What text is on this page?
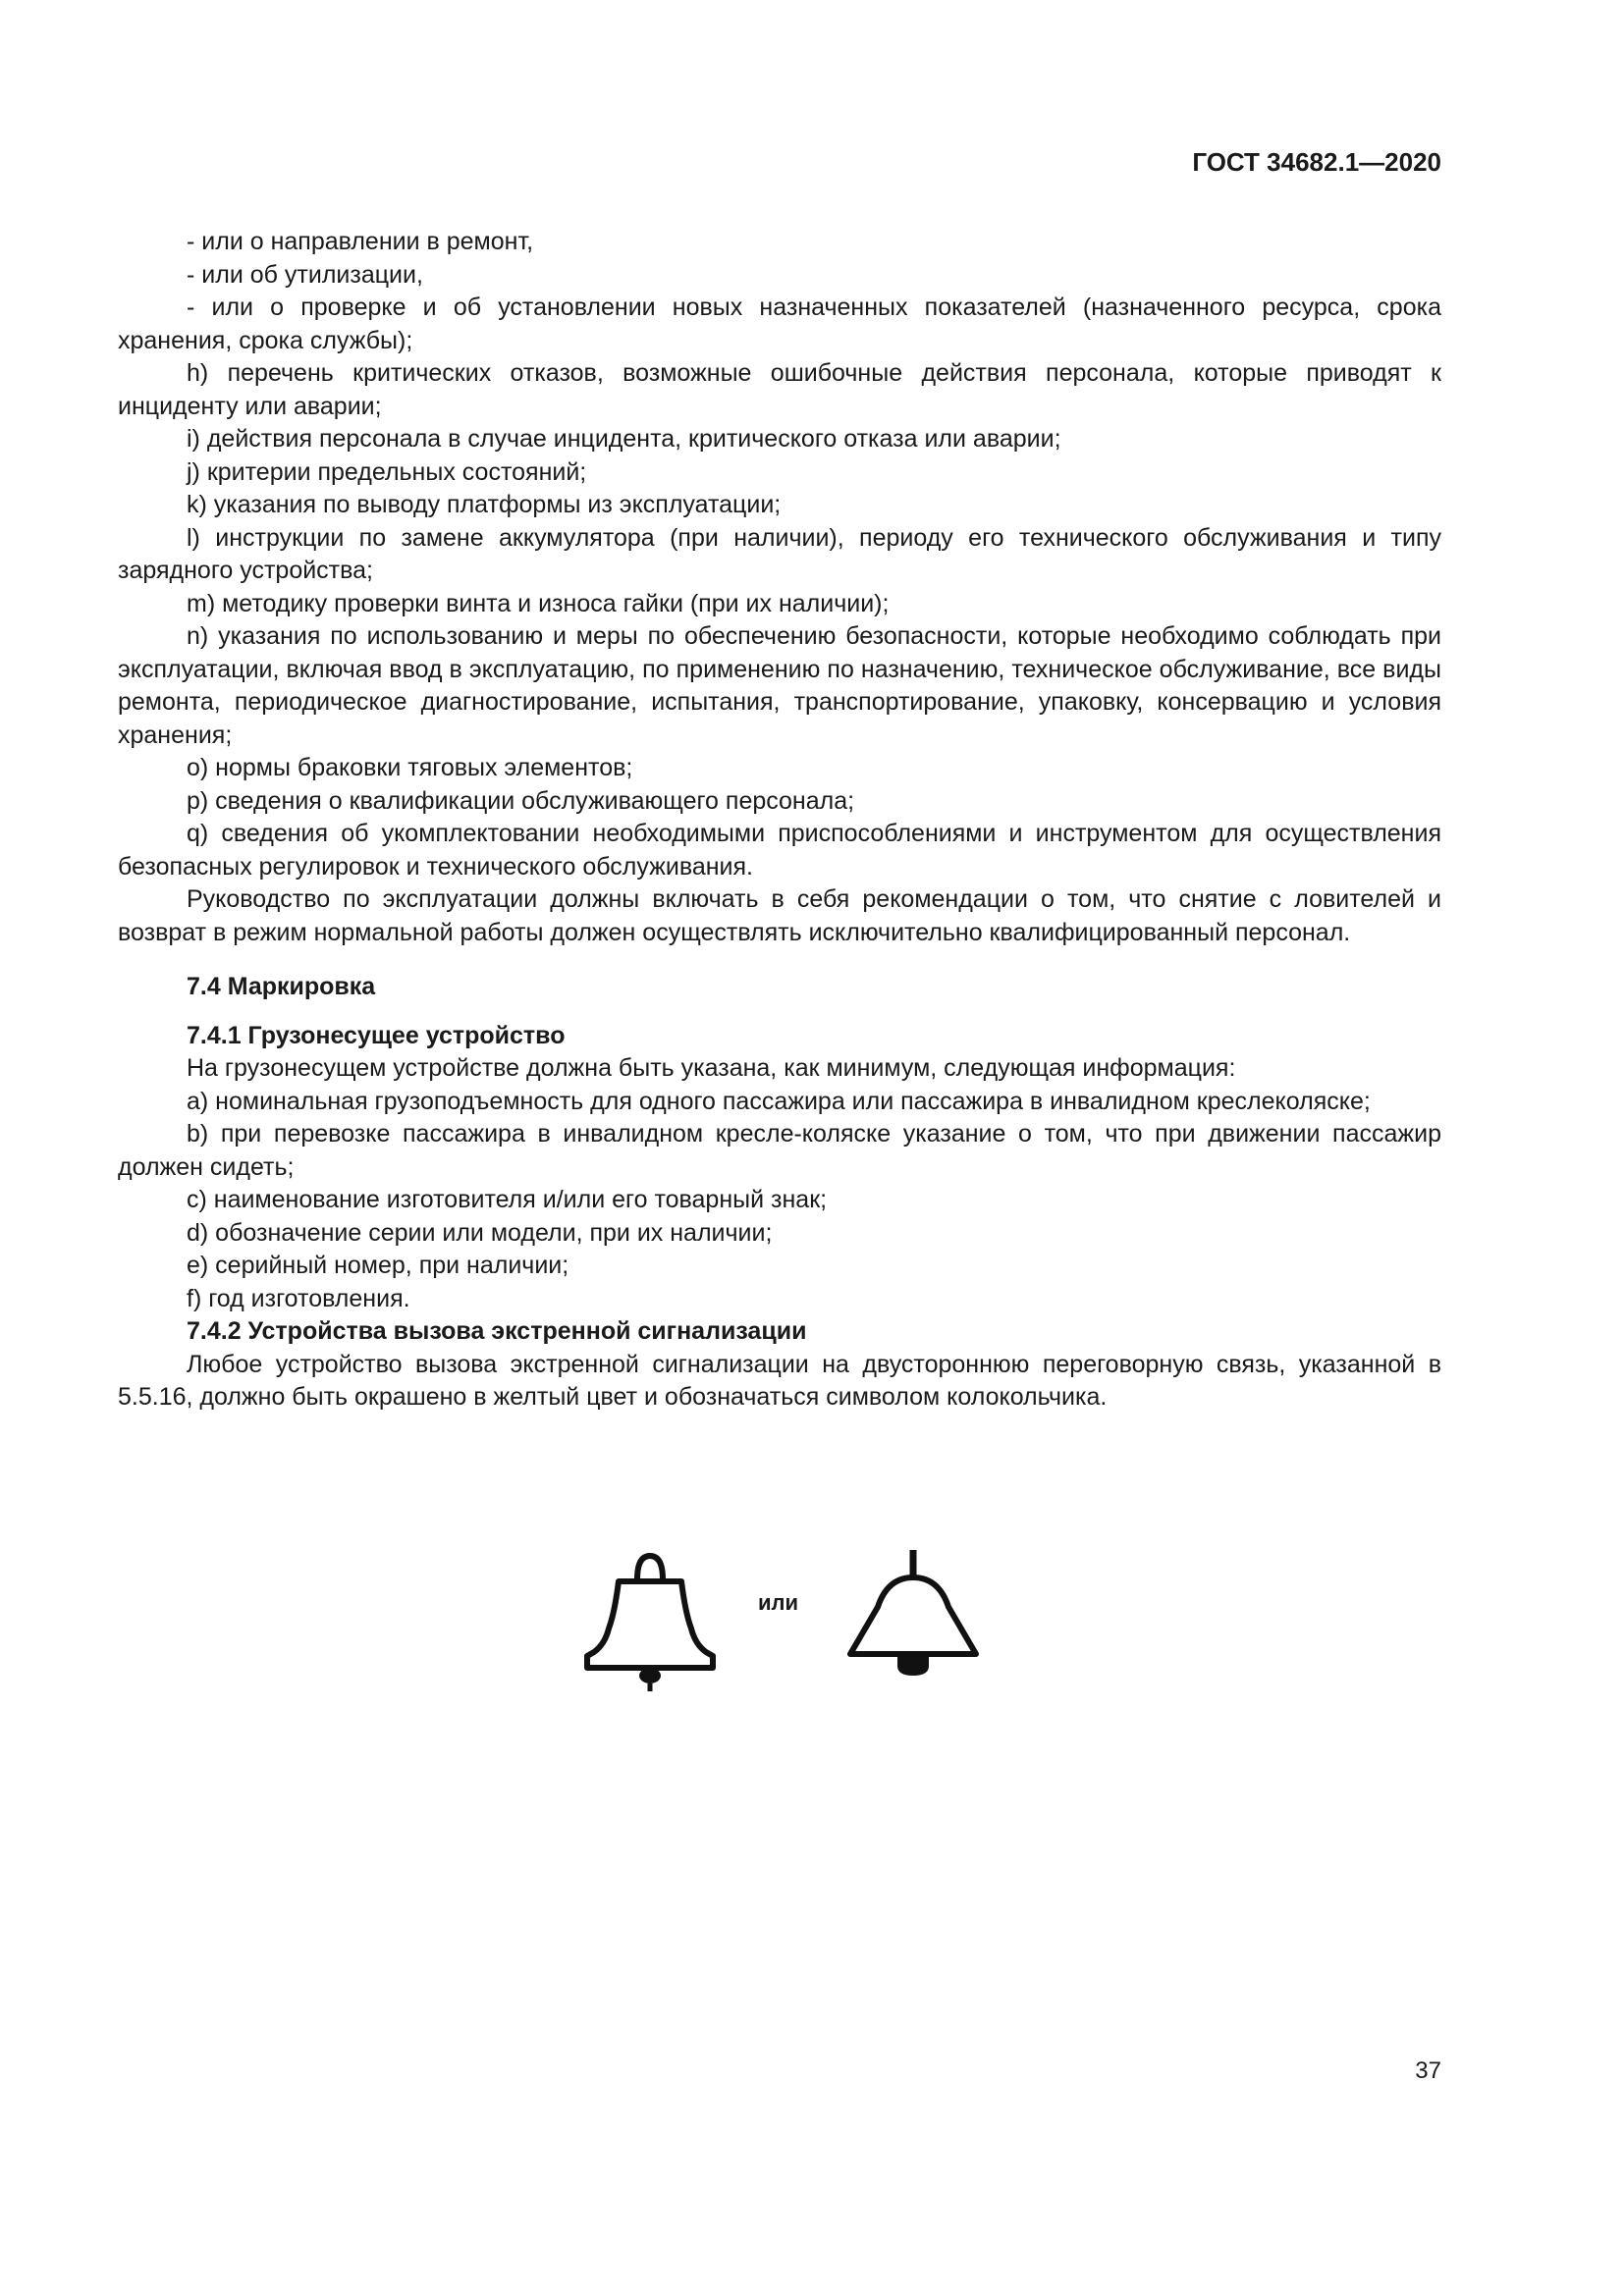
ГОСТ 34682.1—2020

- или о направлении в ремонт,

- или об утилизации,

- или о проверке и об установлении новых назначенных показателей (назначенного ресурса, срока хранения, срока службы);

h) перечень критических отказов, возможные ошибочные действия персонала, которые приводят к инциденту или аварии;

i) действия персонала в случае инцидента, критического отказа или аварии;

j) критерии предельных состояний;

k) указания по выводу платформы из эксплуатации;

l) инструкции по замене аккумулятора (при наличии), периоду его технического обслуживания и типу зарядного устройства;

m) методику проверки винта и износа гайки (при их наличии);

n) указания по использованию и меры по обеспечению безопасности, которые необходимо соблюдать при эксплуатации, включая ввод в эксплуатацию, по применению по назначению, техническое обслуживание, все виды ремонта, периодическое диагностирование, испытания, транспортирование, упаковку, консервацию и условия хранения;

o) нормы браковки тяговых элементов;

p) сведения о квалификации обслуживающего персонала;

q) сведения об укомплектовании необходимыми приспособлениями и инструментом для осуществления безопасных регулировок и технического обслуживания.

Руководство по эксплуатации должны включать в себя рекомендации о том, что снятие с ловителей и возврат в режим нормальной работы должен осуществлять исключительно квалифицированный персонал.

7.4 Маркировка

7.4.1 Грузонесущее устройство

На грузонесущем устройстве должна быть указана, как минимум, следующая информация:

a) номинальная грузоподъемность для одного пассажира или пассажира в инвалидном креслеколяске;

b) при перевозке пассажира в инвалидном кресле-коляске указание о том, что при движении пассажир должен сидеть;

c) наименование изготовителя и/или его товарный знак;

d) обозначение серии или модели, при их наличии;

e) серийный номер, при наличии;

f) год изготовления.

7.4.2 Устройства вызова экстренной сигнализации

Любое устройство вызова экстренной сигнализации на двустороннюю переговорную связь, указанной в 5.5.16, должно быть окрашено в желтый цвет и обозначаться символом колокольчика.

или
37
